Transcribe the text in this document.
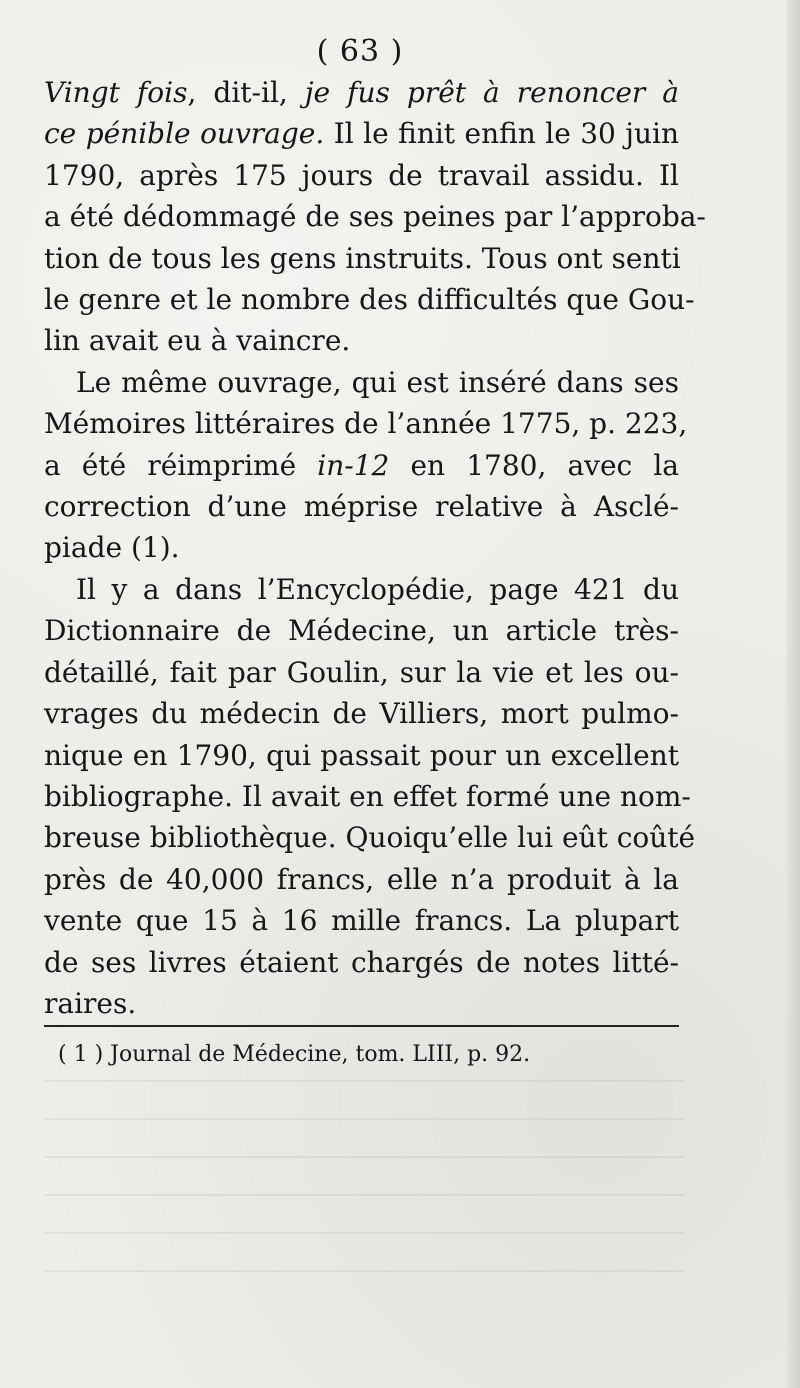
( 63 )
Vingt fois, dit-il, je fus prêt à renoncer à
ce pénible ouvrage. Il le finit enfin le 30 juin
1790, après 175 jours de travail assidu. Il
a été dédommagé de ses peines par l’approba-
tion de tous les gens instruits. Tous ont senti
le genre et le nombre des difficultés que Gou-
lin avait eu à vaincre.
Le même ouvrage, qui est inséré dans ses
Mémoires littéraires de l’année 1775, p. 223,
a été réimprimé in-12 en 1780, avec la
correction d’une méprise relative à Asclé-
piade (1).
Il y a dans l’Encyclopédie, page 421 du
Dictionnaire de Médecine, un article très-
détaillé, fait par Goulin, sur la vie et les ou-
vrages du médecin de Villiers, mort pulmo-
nique en 1790, qui passait pour un excellent
bibliographe. Il avait en effet formé une nom-
breuse bibliothèque. Quoiqu’elle lui eût coûté
près de 40,000 francs, elle n’a produit à la
vente que 15 à 16 mille francs. La plupart
de ses livres étaient chargés de notes litté-
raires.
( 1 ) Journal de Médecine, tom. LIII, p. 92.
